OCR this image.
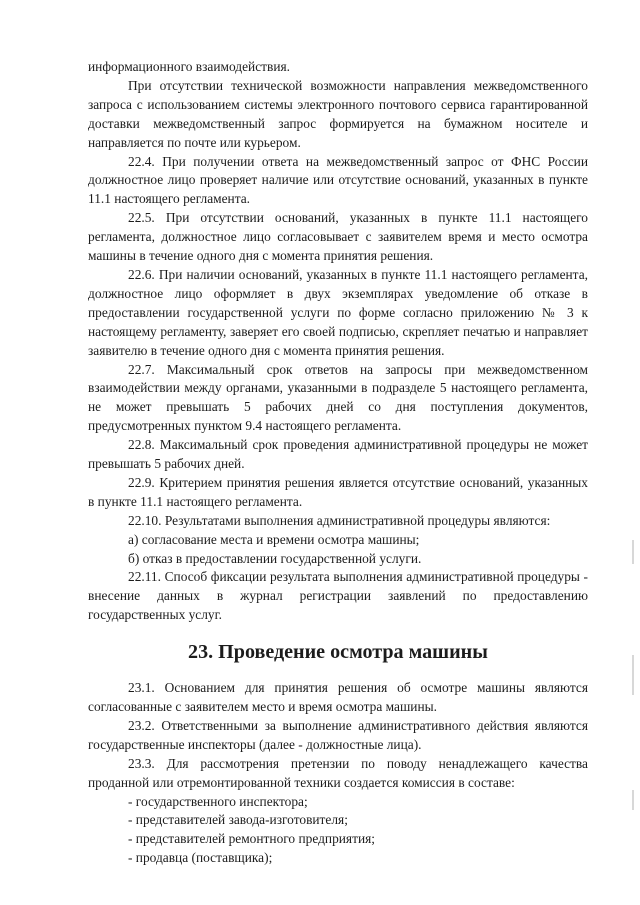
информационного взаимодействия.

При отсутствии технической возможности направления межведомственного запроса с использованием системы электронного почтового сервиса гарантированной доставки межведомственный запрос формируется на бумажном носителе и направляется по почте или курьером.

22.4. При получении ответа на межведомственный запрос от ФНС России должностное лицо проверяет наличие или отсутствие оснований, указанных в пункте 11.1 настоящего регламента.

22.5. При отсутствии оснований, указанных в пункте 11.1 настоящего регламента, должностное лицо согласовывает с заявителем время и место осмотра машины в течение одного дня с момента принятия решения.

22.6. При наличии оснований, указанных в пункте 11.1 настоящего регламента, должностное лицо оформляет в двух экземплярах уведомление об отказе в предоставлении государственной услуги по форме согласно приложению № 3 к настоящему регламенту, заверяет его своей подписью, скрепляет печатью и направляет заявителю в течение одного дня с момента принятия решения.

22.7. Максимальный срок ответов на запросы при межведомственном взаимодействии между органами, указанными в подразделе 5 настоящего регламента, не может превышать 5 рабочих дней со дня поступления документов, предусмотренных пунктом 9.4 настоящего регламента.

22.8. Максимальный срок проведения административной процедуры не может превышать 5 рабочих дней.

22.9. Критерием принятия решения является отсутствие оснований, указанных в пункте 11.1 настоящего регламента.

22.10. Результатами выполнения административной процедуры являются:

а) согласование места и времени осмотра машины;

б) отказ в предоставлении государственной услуги.

22.11. Способ фиксации результата выполнения административной процедуры - внесение данных в журнал регистрации заявлений по предоставлению государственных услуг.

23. Проведение осмотра машины

23.1. Основанием для принятия решения об осмотре машины являются согласованные с заявителем место и время осмотра машины.

23.2. Ответственными за выполнение административного действия являются государственные инспекторы (далее - должностные лица).

23.3. Для рассмотрения претензии по поводу ненадлежащего качества проданной или отремонтированной техники создается комиссия в составе:

- государственного инспектора;

- представителей завода-изготовителя;

- представителей ремонтного предприятия;

- продавца (поставщика);
